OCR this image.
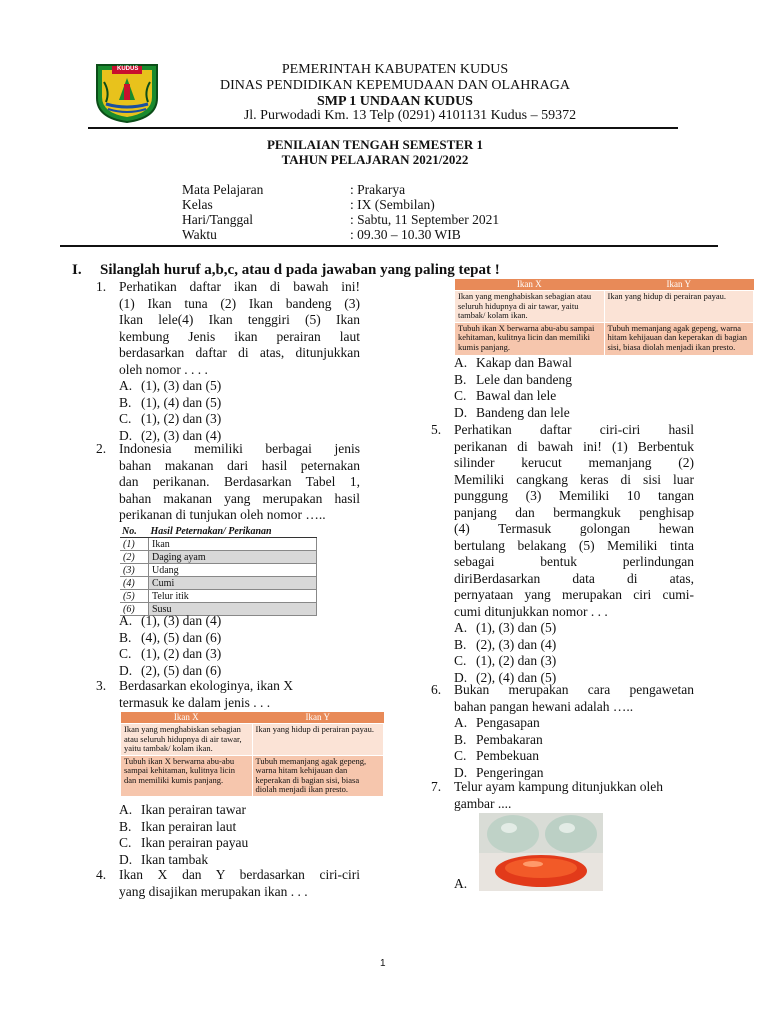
KUDUS	PEMERINTAH KABUPATEN KUDUS
DINAS PENDIDIKAN KEPEMUDAAN DAN OLAHRAGA
SMP 1 UNDAAN KUDUS
Jl. Purwodadi Km. 13 Telp (0291) 4101131 Kudus – 59372
PENILAIAN TENGAH SEMESTER 1
TAHUN PELAJARAN 2021/2022
Mata Pelajaran	: Prakarya
Kelas	: IX (Sembilan)
Hari/Tanggal	: Sabtu, 11 September 2021
Waktu	: 09.30 – 10.30 WIB
I. Silanglah huruf a,b,c, atau d pada jawaban yang paling tepat !
1. Perhatikan daftar ikan di bawah ini!
(1) Ikan tuna (2) Ikan bandeng (3)
Ikan lele(4) Ikan tenggiri (5) Ikan
kembung Jenis ikan perairan laut
berdasarkan daftar di atas, ditunjukkan
oleh nomor . . . .
A. (1), (3) dan (5)
B. (1), (4) dan (5)
C. (1), (2) dan (3)
D. (2), (3) dan (4)
2. Indonesia memiliki berbagai jenis
bahan makanan dari hasil peternakan
dan perikanan. Berdasarkan Tabel 1,
bahan makanan yang merupakan hasil
perikanan di tunjukan oleh nomor …..
No.	Hasil Peternakan/ Perikanan
(1)	Ikan
(2)	Daging ayam
(3)	Udang
(4)	Cumi
(5)	Telur itik
(6)	Susu
A. (1), (3) dan (4)
B. (4), (5) dan (6)
C. (1), (2) dan (3)
D. (2), (5) dan (6)
3. Berdasarkan ekologinya, ikan X
termasuk ke dalam jenis . . .
Ikan X	Ikan Y
Ikan yang menghabiskan sebagian atau seluruh hidupnya di air tawar, yaitu tambak/ kolam ikan.	Ikan yang hidup di perairan payau.
Tubuh ikan X berwarna abu-abu sampai kehitaman, kulitnya licin dan memiliki kumis panjang.	Tubuh memanjang agak gepeng, warna hitam kehijauan dan keperakan di bagian sisi, biasa diolah menjadi ikan presto.
A. Ikan perairan tawar
B. Ikan perairan laut
C. Ikan perairan payau
D. Ikan tambak
4. Ikan X dan Y berdasarkan ciri-ciri
yang disajikan merupakan ikan . . .
Ikan X	Ikan Y
Ikan yang menghabiskan sebagian atau seluruh hidupnya di air tawar, yaitu tambak/ kolam ikan.	Ikan yang hidup di perairan payau.
Tubuh ikan X berwarna abu-abu sampai kehitaman, kulitnya licin dan memiliki kumis panjang.	Tubuh memanjang agak gepeng, warna hitam kehijauan dan keperakan di bagian sisi, biasa diolah menjadi ikan presto.
A. Kakap dan Bawal
B. Lele dan bandeng
C. Bawal dan lele
D. Bandeng dan lele
5. Perhatikan daftar ciri-ciri hasil
perikanan di bawah ini! (1) Berbentuk
silinder kerucut memanjang (2)
Memiliki cangkang keras di sisi luar
punggung (3) Memiliki 10 tangan
panjang dan bermangkuk penghisap
(4) Termasuk golongan hewan
bertulang belakang (5) Memiliki tinta
sebagai bentuk perlindungan
diriBerdasarkan data di atas,
pernyataan yang merupakan ciri cumi-
cumi ditunjukkan nomor . . .
A. (1), (3) dan (5)
B. (2), (3) dan (4)
C. (1), (2) dan (3)
D. (2), (4) dan (5)
6. Bukan merupakan cara pengawetan
bahan pangan hewani adalah …..
A. Pengasapan
B. Pembakaran
C. Pembekuan
D. Pengeringan
7. Telur ayam kampung ditunjukkan oleh
gambar ....
A.
1
